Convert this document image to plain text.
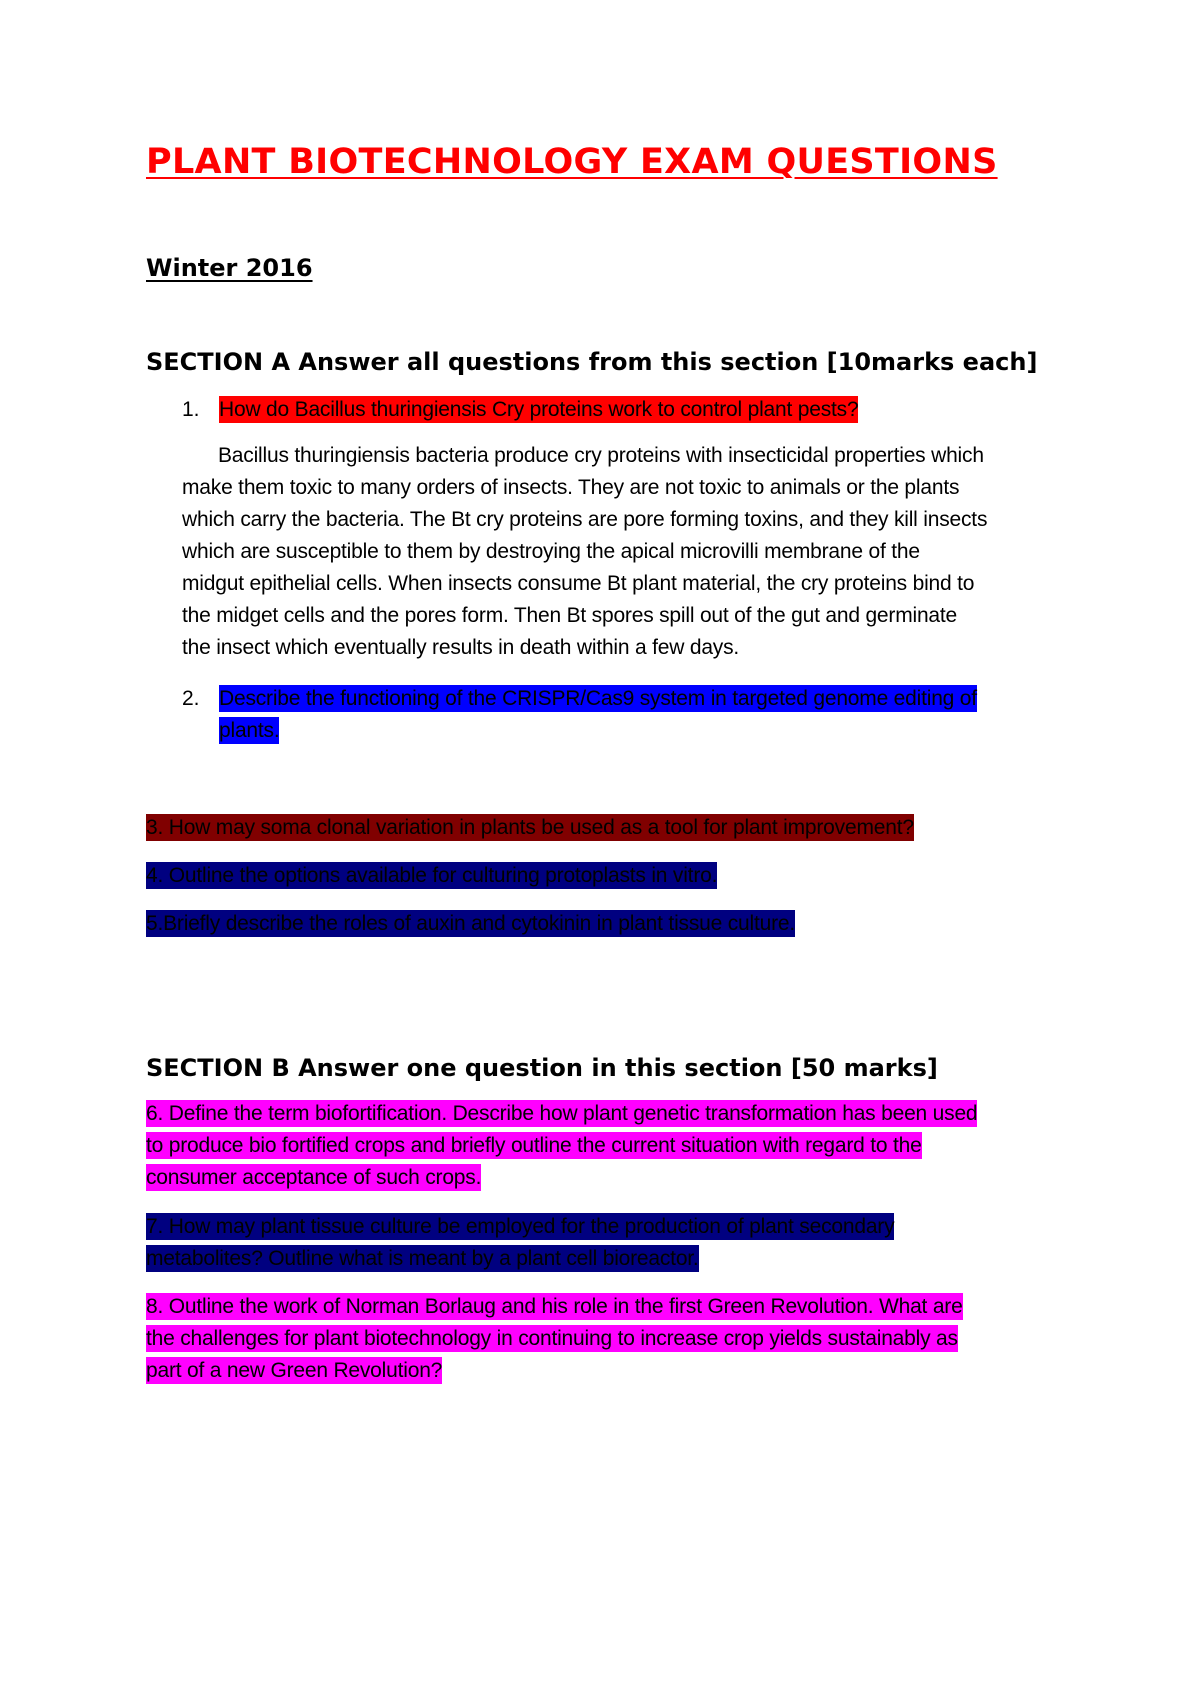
PLANT BIOTECHNOLOGY EXAM QUESTIONS
Winter 2016
SECTION A Answer all questions from this section [10marks each]
1. How do Bacillus thuringiensis Cry proteins work to control plant pests?
Bacillus thuringiensis bacteria produce cry proteins with insecticidal properties which
make them toxic to many orders of insects. They are not toxic to animals or the plants
which carry the bacteria. The Bt cry proteins are pore forming toxins, and they kill insects
which are susceptible to them by destroying the apical microvilli membrane of the
midgut epithelial cells. When insects consume Bt plant material, the cry proteins bind to
the midget cells and the pores form. Then Bt spores spill out of the gut and germinate
the insect which eventually results in death within a few days.
2. Describe the functioning of the CRISPR/Cas9 system in targeted genome editing of
plants.
3. How may soma clonal variation in plants be used as a tool for plant improvement?
4. Outline the options available for culturing protoplasts in vitro.
5.Briefly describe the roles of auxin and cytokinin in plant tissue culture.
SECTION B Answer one question in this section [50 marks]
6. Define the term biofortification. Describe how plant genetic transformation has been used
to produce bio fortified crops and briefly outline the current situation with regard to the
consumer acceptance of such crops.
7. How may plant tissue culture be employed for the production of plant secondary
metabolites? Outline what is meant by a plant cell bioreactor.
8. Outline the work of Norman Borlaug and his role in the first Green Revolution. What are
the challenges for plant biotechnology in continuing to increase crop yields sustainably as
part of a new Green Revolution?
